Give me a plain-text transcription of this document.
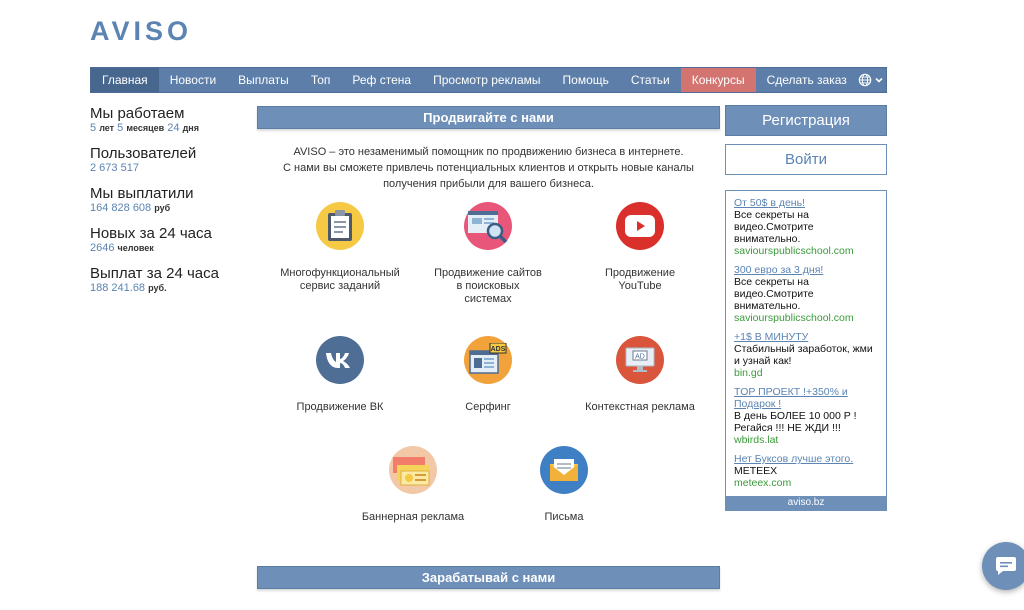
AVISO
Главная	Новости	Выплаты	Топ	Реф стена	Просмотр рекламы	Помощь	Статьи	Конкурсы	Сделать заказ
Мы работаем
5 лет 5 месяцев 24 дня
Пользователей
2 673 517
Мы выплатили
164 828 608 руб
Новых за 24 часа
2646 человек
Выплат за 24 часа
188 241.68 руб.
Продвигайте с нами
AVISO – это незаменимый помощник по продвижению бизнеса в интернете.
С нами вы сможете привлечь потенциальных клиентов и открыть новые каналы
получения прибыли для вашего бизнеса.
Многофункциональный
сервис заданий
Продвижение сайтов
в поисковых
системах
Продвижение
YouTube
Продвижение ВК
ADS
Серфинг
AD
Контекстная реклама
Баннерная реклама	Письма
Зарабатывай с нами
Регистрация
Войти
От 50$ в день!
Все секреты на видео.Смотрите внимательно.
saviourspublicschool.com
300 евро за 3 дня!
Все секреты на видео.Смотрите внимательно.
saviourspublicschool.com
+1$ В МИНУТУ
Стабильный заработок, жми и узнай как!
bin.gd
TOP ПРОЕКТ !+350% и Подарок !
В день БОЛЕЕ 10 000 Р ! Регайся !!! НЕ ЖДИ !!!
wbirds.lat
Нет Буксов лучше этого.
METEEX
meteex.com
aviso.bz
